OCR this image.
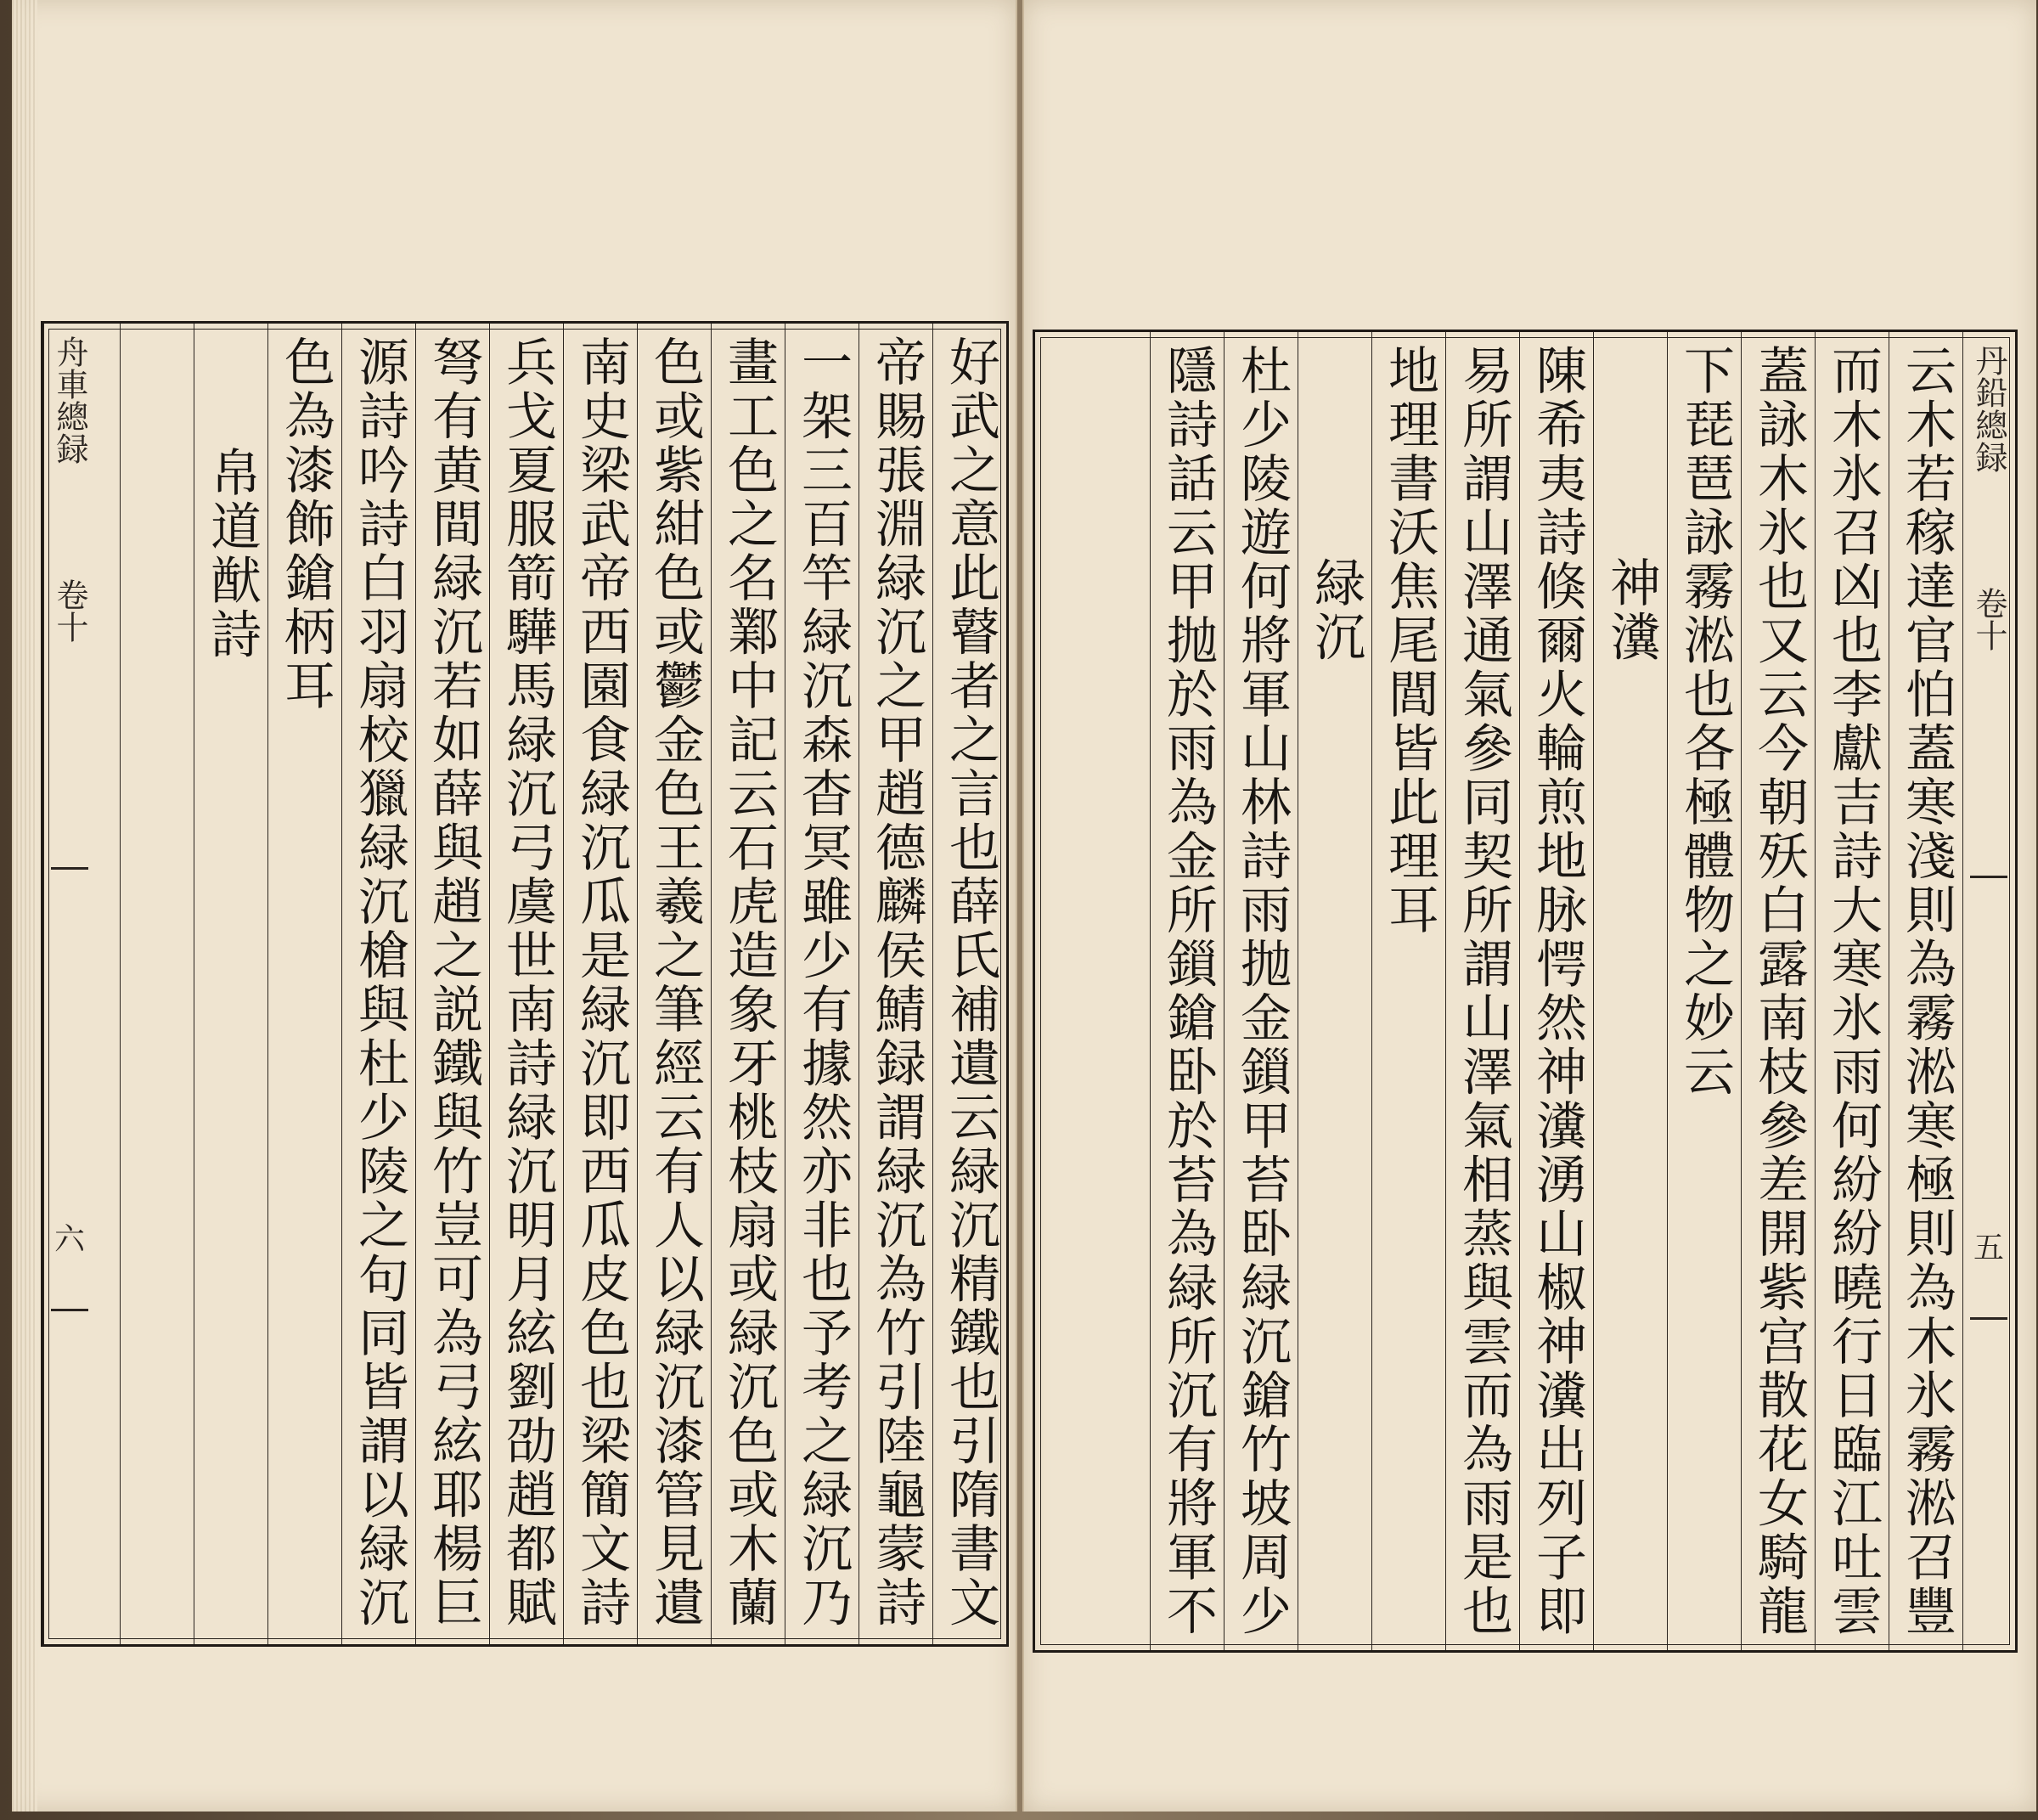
好武之意此瞽者之言也薛氏補遺云緑沉精鐵也引隋書文
帝賜張淵緑沉之甲趙德麟侯鯖録謂緑沉為竹引陸龜蒙詩
一架三百竿緑沉森杳冥雖少有據然亦非也予考之緑沉乃
畫工色之名鄴中記云石虎造象牙桃枝扇或緑沉色或木蘭
色或紫紺色或鬱金色王羲之筆經云有人以緑沉漆管見遺
南史梁武帝西園食緑沉瓜是緑沉即西瓜皮色也梁簡文詩
兵戈夏服箭驊馬緑沉弓虞世南詩緑沉明月絃劉劭趙都賦
弩有黄間緑沉若如薛與趙之説鐵與竹豈可為弓絃耶楊巨
源詩吟詩白羽扇校獵緑沉槍與杜少陵之句同皆謂以緑沉
色為漆飾鎗柄耳
帛道猷詩
舟車總録
卷十
六
丹鉛總録
卷十
五
云木若稼達官怕蓋寒淺則為霧淞寒極則為木氷霧淞召豐
而木氷召凶也李獻吉詩大寒氷雨何紛紛曉行日臨江吐雲
蓋詠木氷也又云今朝殀白露南枝參差開紫宫散花女騎龍
下琵琶詠霧淞也各極體物之妙云
神瀵
陳希夷詩倏爾火輪煎地脉愕然神瀵湧山椒神瀵出列子即
易所謂山澤通氣參同契所謂山澤氣相蒸與雲而為雨是也
地理書沃焦尾閭皆此理耳
緑沉
杜少陵遊何將軍山林詩雨抛金鎻甲苔卧緑沉鎗竹坡周少
隱詩話云甲抛於雨為金所鎻鎗卧於苔為緑所沉有將軍不
